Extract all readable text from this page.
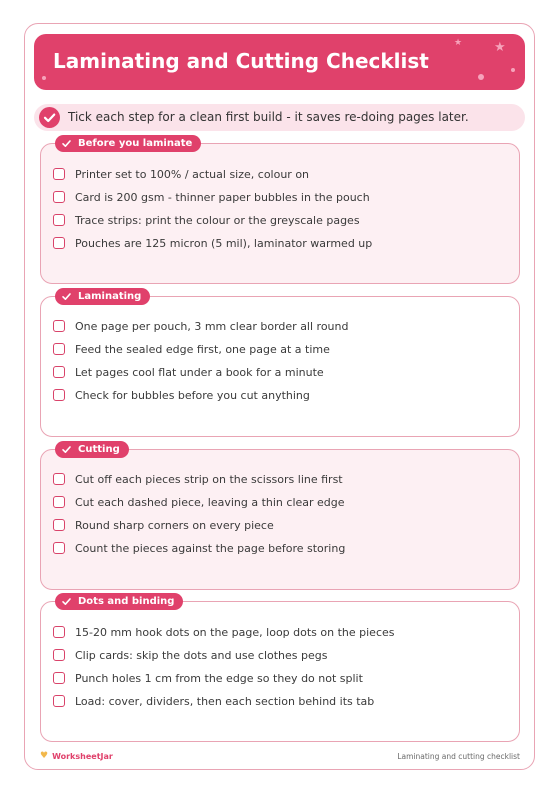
Laminating and Cutting Checklist
★ ★
Tick each step for a clean first build - it saves re-doing pages later.
Before you laminate
Printer set to 100% / actual size, colour on
Card is 200 gsm - thinner paper bubbles in the pouch
Trace strips: print the colour or the greyscale pages
Pouches are 125 micron (5 mil), laminator warmed up
Laminating
One page per pouch, 3 mm clear border all round
Feed the sealed edge first, one page at a time
Let pages cool flat under a book for a minute
Check for bubbles before you cut anything
Cutting
Cut off each pieces strip on the scissors line first
Cut each dashed piece, leaving a thin clear edge
Round sharp corners on every piece
Count the pieces against the page before storing
Dots and binding
15-20 mm hook dots on the page, loop dots on the pieces
Clip cards: skip the dots and use clothes pegs
Punch holes 1 cm from the edge so they do not split
Load: cover, dividers, then each section behind its tab
♥ WorksheetJar	Laminating and cutting checklist
